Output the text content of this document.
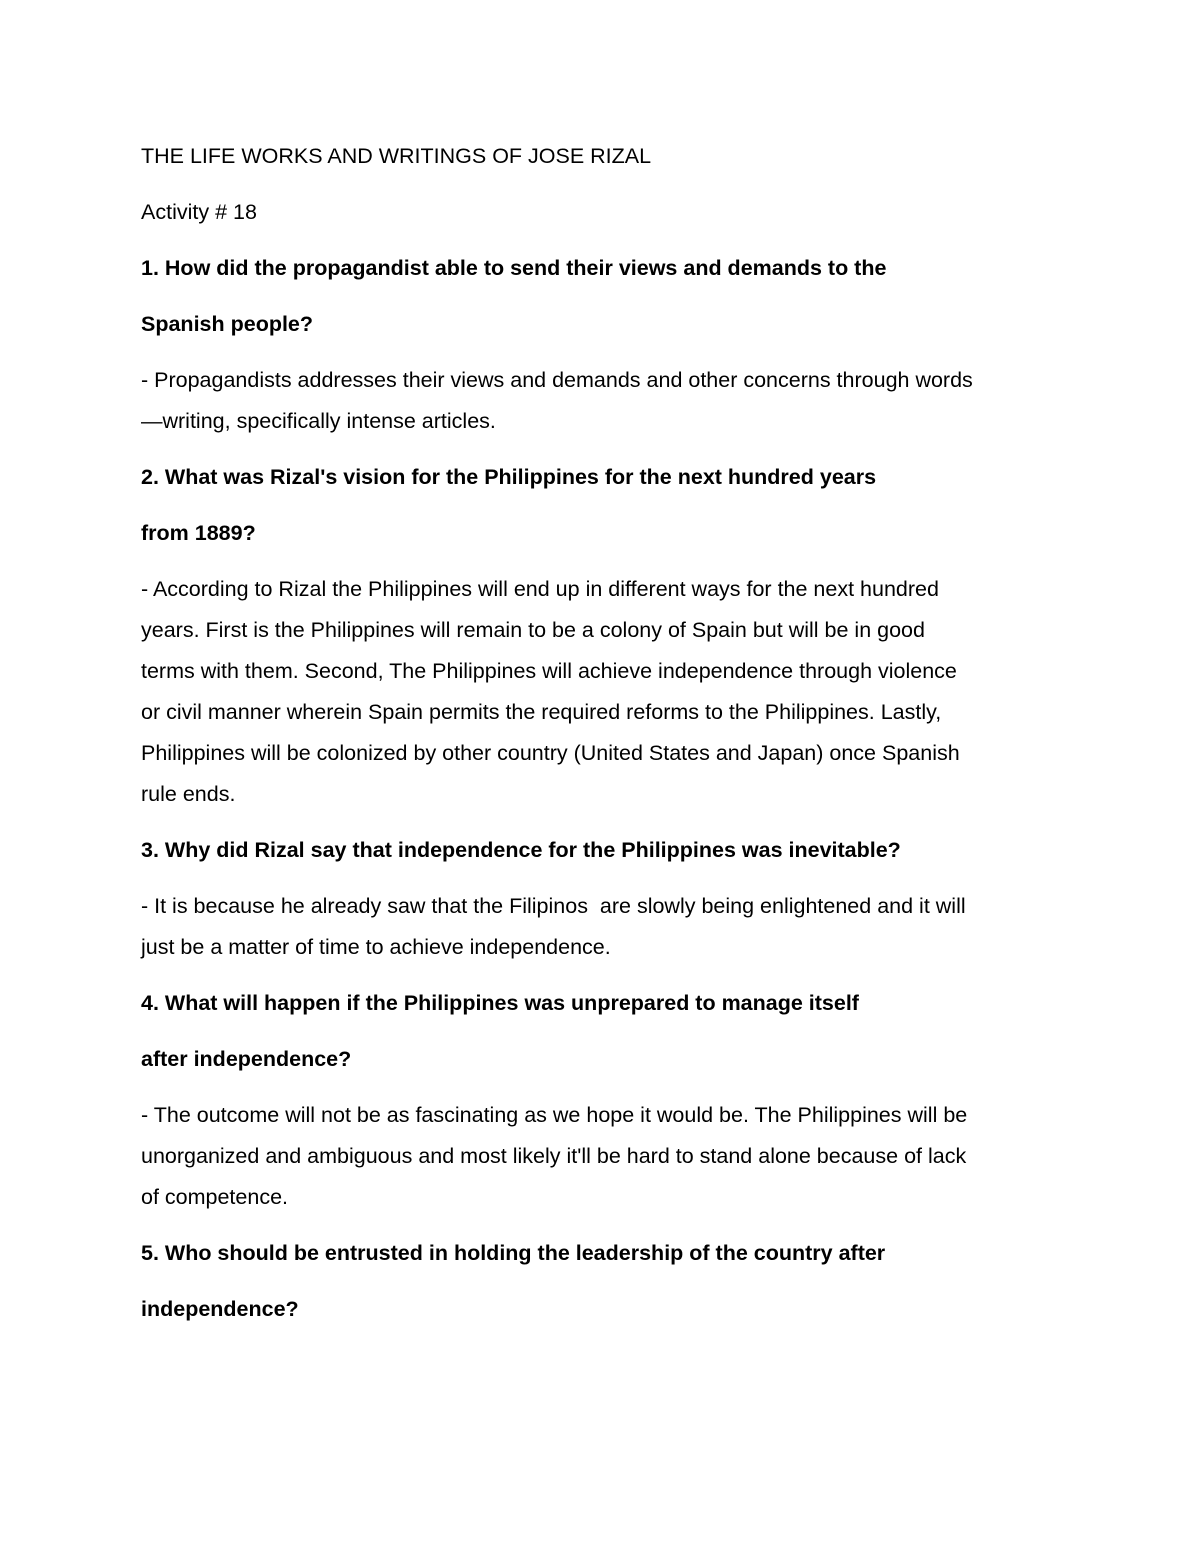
THE LIFE WORKS AND WRITINGS OF JOSE RIZAL

Activity # 18

1. How did the propagandist able to send their views and demands to the
Spanish people?

- Propagandists addresses their views and demands and other concerns through words
—writing, specifically intense articles.

2. What was Rizal's vision for the Philippines for the next hundred years
from 1889?

- According to Rizal the Philippines will end up in different ways for the next hundred
years. First is the Philippines will remain to be a colony of Spain but will be in good
terms with them. Second, The Philippines will achieve independence through violence
or civil manner wherein Spain permits the required reforms to the Philippines. Lastly,
Philippines will be colonized by other country (United States and Japan) once Spanish
rule ends.

3. Why did Rizal say that independence for the Philippines was inevitable?

- It is because he already saw that the Filipinos  are slowly being enlightened and it will
just be a matter of time to achieve independence.

4. What will happen if the Philippines was unprepared to manage itself
after independence?

- The outcome will not be as fascinating as we hope it would be. The Philippines will be
unorganized and ambiguous and most likely it'll be hard to stand alone because of lack
of competence.

5. Who should be entrusted in holding the leadership of the country after
independence?
